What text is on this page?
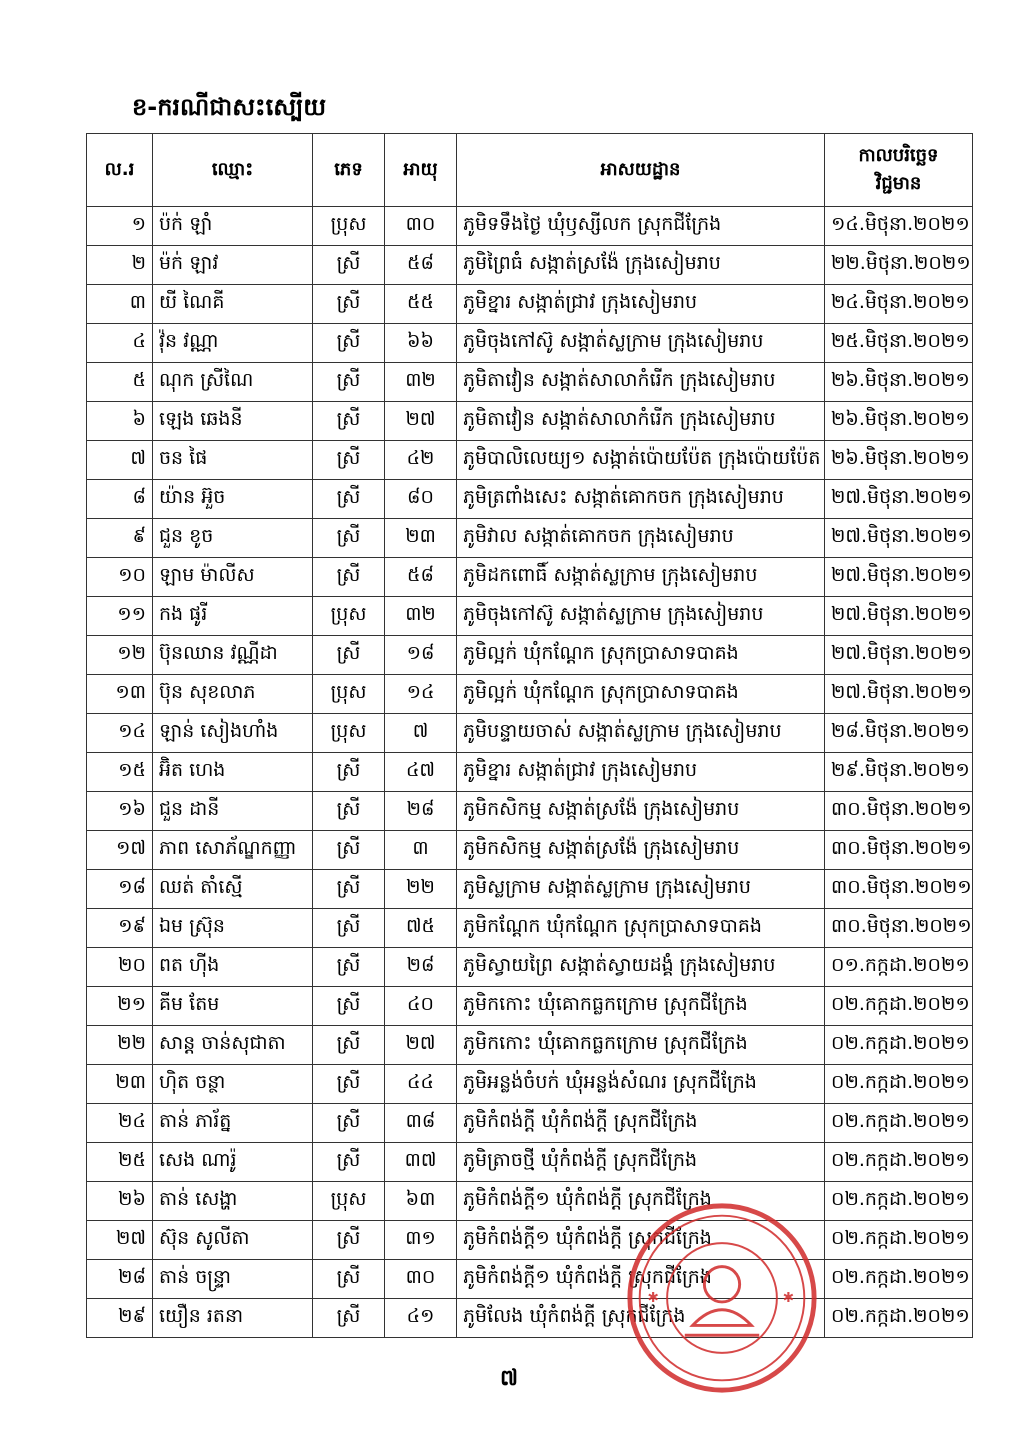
ខ-ករណីជាសះស្បើយ
ល.រ	ឈ្មោះ	ភេទ	អាយុ	អាសយដ្ឋាន	កាលបរិច្ឆេទ
វិជ្ជមាន

១	ប៉ក់ ឡាំ	ប្រុស	៣០	ភូមិទទឹងថ្ងៃ ឃុំឫស្សីលក ស្រុកជីក្រែង	១៤.មិថុនា.២០២១
២	ម៉ក់ ឡាវ	ស្រី	៥៨	ភូមិព្រៃធំ សង្កាត់ស្រង៉ែ ក្រុងសៀមរាប	២២.មិថុនា.២០២១
៣	យី ណៃគី	ស្រី	៥៥	ភូមិខ្នារ សង្កាត់ជ្រាវ ក្រុងសៀមរាប	២៤.មិថុនា.២០២១
៤	វ៉ុន វណ្ណា	ស្រី	៦៦	ភូមិចុងកៅស៊ូ សង្កាត់ស្លក្រាម ក្រុងសៀមរាប	២៥.មិថុនា.២០២១
៥	ណុក ស្រីណៃ	ស្រី	៣២	ភូមិតាវៀន សង្កាត់សាលាកំរើក ក្រុងសៀមរាប	២៦.មិថុនា.២០២១
៦	ឡេង ឆេងនី	ស្រី	២៧	ភូមិតាវៀន សង្កាត់សាលាកំរើក ក្រុងសៀមរាប	២៦.មិថុនា.២០២១
៧	ចន ផៃ	ស្រី	៤២	ភូមិបាលិលេយ្យ១ សង្កាត់ប៉ោយប៉ែត ក្រុងប៉ោយប៉ែត	២៦.មិថុនា.២០២១
៨	យ៉ាន អ៊ួច	ស្រី	៨០	ភូមិត្រពាំងសេះ សង្កាត់គោកចក ក្រុងសៀមរាប	២៧.មិថុនា.២០២១
៩	ជួន ខូច	ស្រី	២៣	ភូមិវាល សង្កាត់គោកចក ក្រុងសៀមរាប	២៧.មិថុនា.២០២១
១០	ឡាម ម៉ាលីស	ស្រី	៥៨	ភូមិដកពោធិ៍ សង្កាត់ស្លក្រាម ក្រុងសៀមរាប	២៧.មិថុនា.២០២១
១១	កង ផូរី	ប្រុស	៣២	ភូមិចុងកៅស៊ូ សង្កាត់ស្លក្រាម ក្រុងសៀមរាប	២៧.មិថុនា.២០២១
១២	ប៊ុនឈាន វណ្ណីដា	ស្រី	១៨	ភូមិល្អក់ ឃុំកណ្ដែក ស្រុកប្រាសាទបាគង	២៧.មិថុនា.២០២១
១៣	ប៊ុន សុខលាភ	ប្រុស	១៤	ភូមិល្អក់ ឃុំកណ្ដែក ស្រុកប្រាសាទបាគង	២៧.មិថុនា.២០២១
១៤	ឡាន់ សៀងហាំង	ប្រុស	៧	ភូមិបន្ទាយចាស់ សង្កាត់ស្លក្រាម ក្រុងសៀមរាប	២៨.មិថុនា.២០២១
១៥	អ៊ិត ហេង	ស្រី	៤៧	ភូមិខ្នារ សង្កាត់ជ្រាវ ក្រុងសៀមរាប	២៩.មិថុនា.២០២១
១៦	ជួន ដានី	ស្រី	២៨	ភូមិកសិកម្ម សង្កាត់ស្រង៉ែ ក្រុងសៀមរាប	៣០.មិថុនា.២០២១
១៧	ភាព សោភ័ណ្ឌកញ្ញា	ស្រី	៣	ភូមិកសិកម្ម សង្កាត់ស្រង៉ែ ក្រុងសៀមរាប	៣០.មិថុនា.២០២១
១៨	ឈត់ តាំស្មើ	ស្រី	២២	ភូមិស្លក្រាម សង្កាត់ស្លក្រាម ក្រុងសៀមរាប	៣០.មិថុនា.២០២១
១៩	ឯម ស្រ៊ុន	ស្រី	៧៥	ភូមិកណ្ដែក ឃុំកណ្ដែក ស្រុកប្រាសាទបាគង	៣០.មិថុនា.២០២១
២០	ពត ហ៊ីង	ស្រី	២៨	ភូមិស្វាយព្រៃ សង្កាត់ស្វាយដង្គំ ក្រុងសៀមរាប	០១.កក្កដា.២០២១
២១	គីម តែម	ស្រី	៤០	ភូមិកកោះ ឃុំគោកធ្លកក្រោម ស្រុកជីក្រែង	០២.កក្កដា.២០២១
២២	សាន្ត ចាន់សុជាតា	ស្រី	២៧	ភូមិកកោះ ឃុំគោកធ្លកក្រោម ស្រុកជីក្រែង	០២.កក្កដា.២០២១
២៣	ហ៊ិត ចន្ថា	ស្រី	៤៤	ភូមិអន្លង់ចំបក់ ឃុំអន្លង់សំណរ ស្រុកជីក្រែង	០២.កក្កដា.២០២១
២៤	តាន់ ភារ័ត្ន	ស្រី	៣៨	ភូមិកំពង់ក្ដី ឃុំកំពង់ក្ដី ស្រុកជីក្រែង	០២.កក្កដា.២០២១
២៥	សេង ណារ៉ូ	ស្រី	៣៧	ភូមិត្រាចថ្មី ឃុំកំពង់ក្ដី ស្រុកជីក្រែង	០២.កក្កដា.២០២១
២៦	តាន់ សេង្ហា	ប្រុស	៦៣	ភូមិកំពង់ក្ដី១ ឃុំកំពង់ក្ដី ស្រុកជីក្រែង	០២.កក្កដា.២០២១
២៧	ស៊ុន សូលីតា	ស្រី	៣១	ភូមិកំពង់ក្ដី១ ឃុំកំពង់ក្ដី ស្រុកជីក្រែង	០២.កក្កដា.២០២១
២៨	តាន់ ចន្ទ្រា	ស្រី	៣០	ភូមិកំពង់ក្ដី១ ឃុំកំពង់ក្ដី ស្រុកជីក្រែង	០២.កក្កដា.២០២១
២៩	យឿន រតនា	ស្រី	៤១	ភូមិលែង ឃុំកំពង់ក្ដី ស្រុកជីក្រែង	០២.កក្កដា.២០២១
✱	✱
៧
